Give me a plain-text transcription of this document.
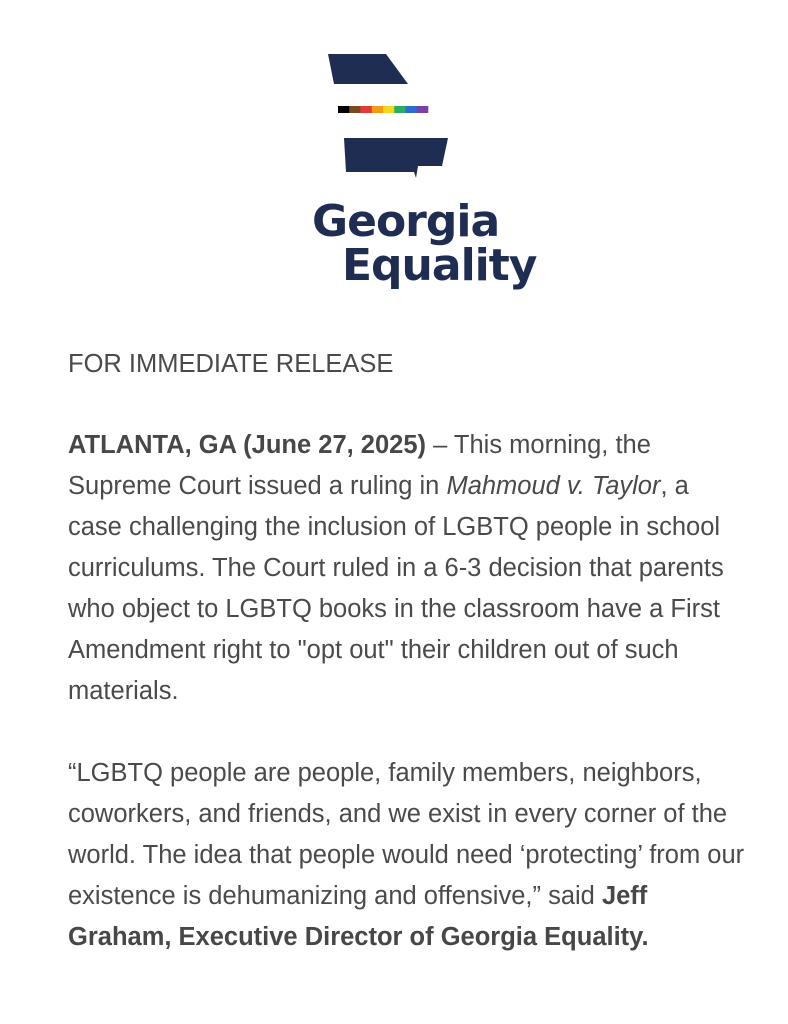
Georgia
Equality
FOR IMMEDIATE RELEASE

ATLANTA, GA (June 27, 2025) – This morning, the Supreme Court issued a ruling in Mahmoud v. Taylor, a case challenging the inclusion of LGBTQ people in school curriculums. The Court ruled in a 6-3 decision that parents who object to LGBTQ books in the classroom have a First Amendment right to "opt out" their children out of such materials.

“LGBTQ people are people, family members, neighbors, coworkers, and friends, and we exist in every corner of the world. The idea that people would need ‘protecting’ from our existence is dehumanizing and offensive,” said Jeff Graham, Executive Director of Georgia Equality.
